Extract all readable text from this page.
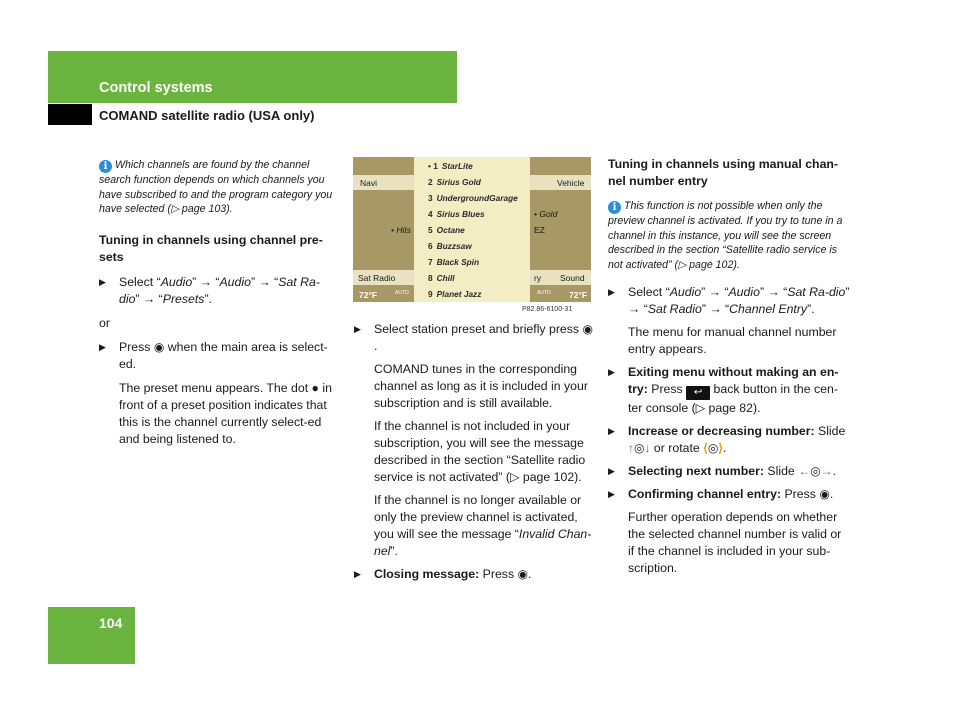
Control systems
COMAND satellite radio (USA only)

i Which channels are found by the channel search function depends on which channels you have subscribed to and the program category you have selected (▷ page 103).

Tuning in channels using channel pre-sets

▶ Select “Audio” → “Audio” → “Sat Ra-dio” → “Presets”.

or

▶ Press ◉ when the main area is select-ed.

The preset menu appears. The dot ● in front of a preset position indicates that this is the channel currently select-ed and being listened to.

Navi
• Hits
Sat Radio
72°F	AUTO
Vehicle
• Gold
EZ
ry Sound
AUTO 72°F
• 1 StarLite
2 Sirius Gold
3 UndergroundGarage
4 Sirius Blues
5 Octane
6 Buzzsaw
7 Black Spin
8 Chill
9 Planet Jazz
P82.86-6100-31

▶ Select station preset and briefly press ◉.

COMAND tunes in the corresponding channel as long as it is included in your subscription and is still available.

If the channel is not included in your subscription, you will see the message described in the section “Satellite radio service is not activated” (▷ page 102).

If the channel is no longer available or only the preview channel is activated, you will see the message “Invalid Chan-nel”.

▶ Closing message: Press ◉.

Tuning in channels using manual chan-nel number entry

i This function is not possible when only the preview channel is activated. If you try to tune in a channel in this instance, you will see the screen described in the section “Satellite radio service is not activated” (▷ page 102).

▶ Select “Audio” → “Audio” → “Sat Ra-dio” → “Sat Radio” → “Channel Entry”.

The menu for manual channel number entry appears.

▶ Exiting menu without making an en-try: Press ↩ back button in the cen-ter console (▷ page 82).

▶ Increase or decreasing number: Slide ↑◎↓ or rotate ⟨◎⟩.

▶ Selecting next number: Slide ←◎→.

▶ Confirming channel entry: Press ◉.

Further operation depends on whether the selected channel number is valid or if the channel is included in your sub-scription.

104
